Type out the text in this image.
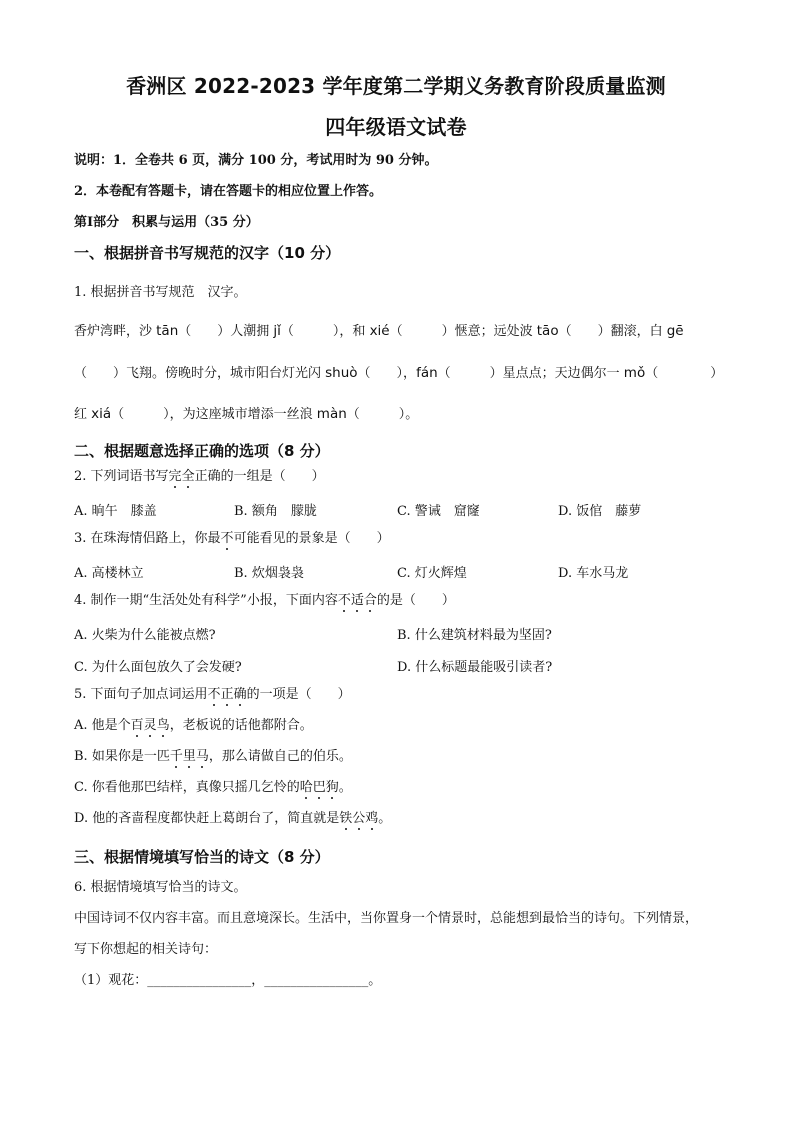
香洲区 2022-2023 学年度第二学期义务教育阶段质量监测
四年级语文试卷
说明：1．全卷共 6 页，满分 100 分，考试用时为 90 分钟。
2．本卷配有答题卡，请在答题卡的相应位置上作答。
第Ⅰ部分　积累与运用（35 分）
一、根据拼音书写规范的汉字（10 分）
1. 根据拼音书写规范　汉字。
香炉湾畔，沙 tān（　　）人潮拥 jǐ（　　　），和 xié（　　　）惬意；远处波 tāo（　　）翻滚，白 gē
（　　）飞翔。傍晚时分，城市阳台灯光闪 shuò（　　），fán（　　　）星点点；天边偶尔一 mǒ（　　　　）
红 xiá（　　　），为这座城市增添一丝浪 màn（　　　）。
二、根据题意选择正确的选项（8 分）
2. 下列词语书写完全正确的一组是（　　）
A. 晌午　膝盖	B. 额角　朦胧	C. 警诫　窟窿	D. 饭倌　藤萝
3. 在珠海情侣路上，你最不可能看见的景象是（　　）
A. 高楼林立	B. 炊烟袅袅	C. 灯火辉煌	D. 车水马龙
4. 制作一期“生活处处有科学”小报，下面内容不适合的是（　　）
A. 火柴为什么能被点燃?	B. 什么建筑材料最为坚固?
C. 为什么面包放久了会发硬?	D. 什么标题最能吸引读者?
5. 下面句子加点词运用不正确的一项是（　　）
A. 他是个百灵鸟，老板说的话他都附合。
B. 如果你是一匹千里马，那么请做自己的伯乐。
C. 你看他那巴结样，真像只摇几乞怜的哈巴狗。
D. 他的吝啬程度都快赶上葛朗台了，简直就是铁公鸡。
三、根据情境填写恰当的诗文（8 分）
6. 根据情境填写恰当的诗文。
中国诗词不仅内容丰富。而且意境深长。生活中，当你置身一个情景时，总能想到最恰当的诗句。下列情景，
写下你想起的相关诗句：
（1）观花：________________，________________。
